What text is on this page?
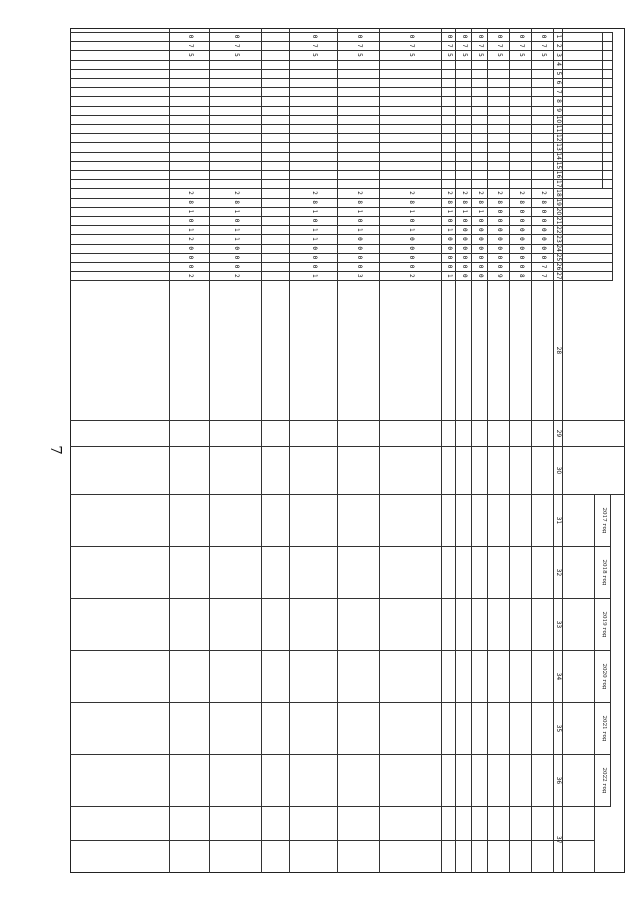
7
2017 год
2018 год
2019 год
2020 год
2021 год
2022 год
28
29
30
31
32
33
34
35
36
37
1
2
3
4
5
6
7
8
9
10
11
12
13
14
15
16
17
18
19
20
21
22
23
24
25
26
27
0
7
5
2
8
0
0
0
0
0
0
7
7
0
7
5
2
8
0
0
0
0
0
0
0
8
0
7
5
2
8
0
0
0
0
0
0
0
9
0
7
5
2
8
1
0
0
0
0
0
0
0
0
7
5
2
8
1
0
0
0
0
0
0
0
0
7
5
2
8
1
0
1
0
0
0
0
1
0
7
5
2
8
1
0
1
0
0
0
0
2
0
7
5
2
8
1
0
1
0
0
0
0
3
0
7
5
2
8
1
0
1
1
0
0
0
1
0
7
5
2
8
1
0
1
1
0
0
0
2
0
7
5
2
8
1
0
1
2
0
0
0
2
